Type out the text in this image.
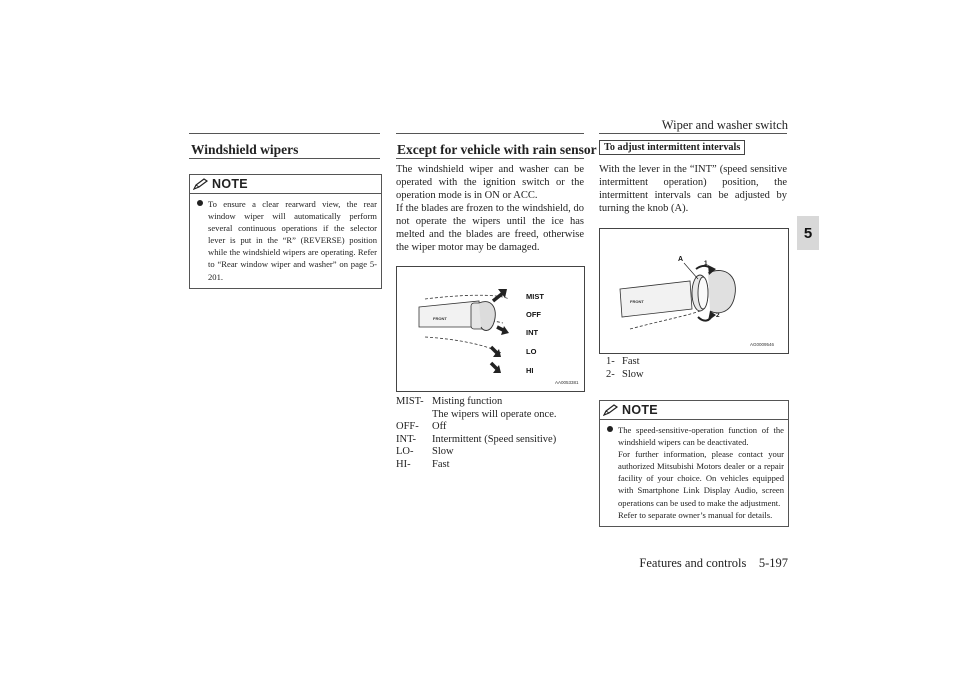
Wiper and washer switch
5
Windshield wipers
NOTE
To ensure a clear rearward view, the rear window wiper will automatically perform several continuous operations if the selector lever is put in the “R” (REVERSE) position while the windshield wipers are operating. Refer to “Rear window wiper and washer” on page 5-201.
Except for vehicle with rain sensor
The windshield wiper and washer can be operated with the ignition switch or the operation mode is in ON or ACC.
If the blades are frozen to the windshield, do not operate the wipers until the ice has melted and the blades are freed, otherwise the wiper motor may be damaged.
FRONT
MIST
OFF
INT
LO
HI
AA0053381
MIST- Misting function
The wipers will operate once.
OFF-	Off
INT-	Intermittent (Speed sensitive)
LO-	Slow
HI-	Fast
To adjust intermittent intervals
With the lever in the “INT” (speed sensitive intermittent operation) position, the intermittent intervals can be adjusted by turning the knob (A).
FRONT
A
1
2
AG0009546
1- Fast
2- Slow
NOTE
The speed-sensitive-operation function of the windshield wipers can be deactivated.
For further information, please contact your authorized Mitsubishi Motors dealer or a repair facility of your choice. On vehicles equipped with Smartphone Link Display Audio, screen operations can be used to make the adjustment.
Refer to separate owner’s manual for details.
Features and controls    5-197
